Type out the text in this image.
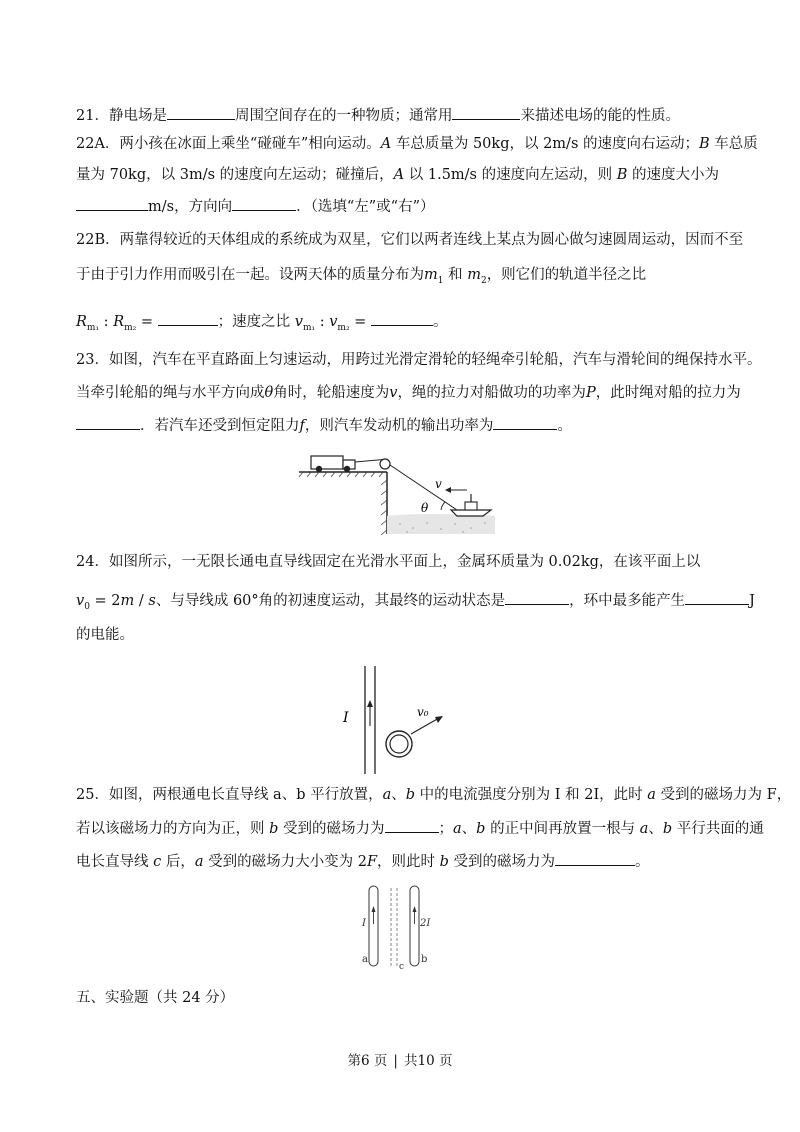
21．静电场是	周围空间存在的一种物质；通常用	来描述电场的能的性质。
22A．两小孩在冰面上乘坐“碰碰车”相向运动。A 车总质量为 50kg，以 2m/s 的速度向右运动；B 车总质
量为 70kg，以 3m/s 的速度向左运动；碰撞后，A 以 1.5m/s 的速度向左运动，则 B 的速度大小为
m/s，方向向	．（选填“左”或“右”）
22B．两靠得较近的天体组成的系统成为双星，它们以两者连线上某点为圆心做匀速圆周运动，因而不至
于由于引力作用而吸引在一起。设两天体的质量分布为$m_1$ 和 $m_2$，则它们的轨道半径之比
$R_{m_1}$ : $R_{m_2}$ =	；速度之比 $v_{m_1}$ : $v_{m_2}$ =	。
23．如图，汽车在平直路面上匀速运动，用跨过光滑定滑轮的轻绳牵引轮船，汽车与滑轮间的绳保持水平。
当牵引轮船的绳与水平方向成θ角时，轮船速度为v，绳的拉力对船做功的功率为P，此时绳对船的拉力为
．若汽车还受到恒定阻力f，则汽车发动机的输出功率为	。
v
θ
24．如图所示，一无限长通电直导线固定在光滑水平面上，金属环质量为 0.02kg，在该平面上以
$v_0 = 2m / s$、与导线成 60°角的初速度运动，其最终的运动状态是	，环中最多能产生	J
的电能。
I	v₀
25．如图，两根通电长直导线 a、b 平行放置，a、b 中的电流强度分别为 I 和 2I，此时 a 受到的磁场力为 F，
若以该磁场力的方向为正，则 b 受到的磁场力为	；a、b 的正中间再放置一根与 a、b 平行共面的通
电长直导线 c 后，a 受到的磁场力大小变为 2F，则此时 b 受到的磁场力为	。
I	2I
a
c
b
五、实验题（共 24 分）
第6 页 | 共10 页
